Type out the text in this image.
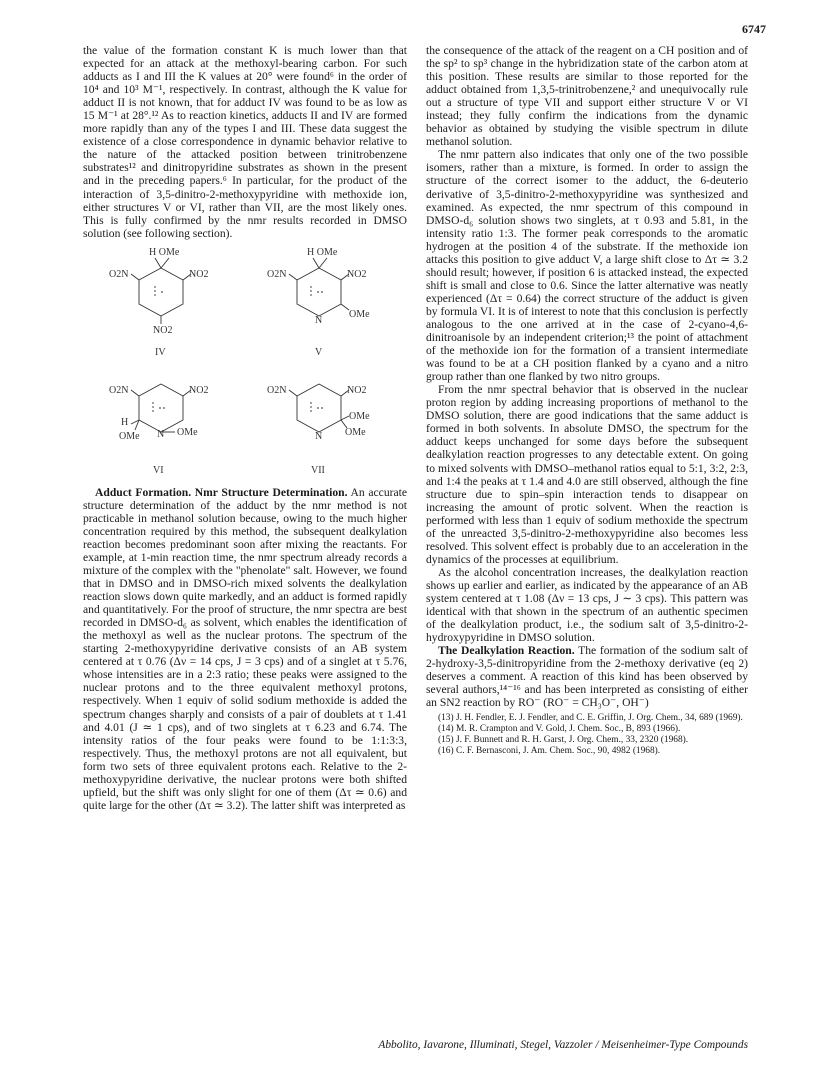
6747

the value of the formation constant K is much lower than that expected for an attack at the methoxyl-bearing carbon. For such adducts as I and III the K values at 20° were found⁶ in the order of 10⁴ and 10³ M⁻¹, respectively. In contrast, although the K value for adduct II is not known, that for adduct IV was found to be as low as 15 M⁻¹ at 28°.¹² As to reaction kinetics, adducts II and IV are formed more rapidly than any of the types I and III. These data suggest the existence of a close correspondence in dynamic behavior relative to the nature of the attacked position between trinitrobenzene substrates¹² and dinitropyridine substrates as shown in the present and in the preceding papers.⁶ In particular, for the product of the interaction of 3,5-dinitro-2-methoxypyridine with methoxide ion, either structures V or VI, rather than VII, are the most likely ones. This is fully confirmed by the nmr results recorded in DMSO solution (see following section).

H OMe
O2N	NO2
NO2
IV
H OMe
O2N	NO2
N
OMe
V
O2N	NO2
H
OMe	OMe
N
VI
O2N	NO2
OMe
OMe
N
VII

Adduct Formation. Nmr Structure Determination. An accurate structure determination of the adduct by the nmr method is not practicable in methanol solution because, owing to the much higher concentration required by this method, the subsequent dealkylation reaction becomes predominant soon after mixing the reactants. For example, at 1-min reaction time, the nmr spectrum already records a mixture of the complex with the "phenolate" salt. However, we found that in DMSO and in DMSO-rich mixed solvents the dealkylation reaction slows down quite markedly, and an adduct is formed rapidly and quantitatively. For the proof of structure, the nmr spectra are best recorded in DMSO-d₆ as solvent, which enables the identification of the methoxyl as well as the nuclear protons. The spectrum of the starting 2-methoxypyridine derivative consists of an AB system centered at τ 0.76 (Δν = 14 cps, J = 3 cps) and of a singlet at τ 5.76, whose intensities are in a 2:3 ratio; these peaks were assigned to the nuclear protons and to the three equivalent methoxyl protons, respectively. When 1 equiv of solid sodium methoxide is added the spectrum changes sharply and consists of a pair of doublets at τ 1.41 and 4.01 (J ≃ 1 cps), and of two singlets at τ 6.23 and 6.74. The intensity ratios of the four peaks were found to be 1:1:3:3, respectively. Thus, the methoxyl protons are not all equivalent, but form two sets of three equivalent protons each. Relative to the 2-methoxypyridine derivative, the nuclear protons were both shifted upfield, but the shift was only slight for one of them (Δτ ≃ 0.6) and quite large for the other (Δτ ≃ 3.2). The latter shift was interpreted as

the consequence of the attack of the reagent on a CH position and of the sp² to sp³ change in the hybridization state of the carbon atom at this position. These results are similar to those reported for the adduct obtained from 1,3,5-trinitrobenzene,² and unequivocally rule out a structure of type VII and support either structure V or VI instead; they fully confirm the indications from the dynamic behavior as obtained by studying the visible spectrum in dilute methanol solution.

The nmr pattern also indicates that only one of the two possible isomers, rather than a mixture, is formed. In order to assign the structure of the correct isomer to the adduct, the 6-deuterio derivative of 3,5-dinitro-2-methoxypyridine was synthesized and examined. As expected, the nmr spectrum of this compound in DMSO-d₆ solution shows two singlets, at τ 0.93 and 5.81, in the intensity ratio 1:3. The former peak corresponds to the aromatic hydrogen at the position 4 of the substrate. If the methoxide ion attacks this position to give adduct V, a large shift close to Δτ ≃ 3.2 should result; however, if position 6 is attacked instead, the expected shift is small and close to 0.6. Since the latter alternative was neatly experienced (Δτ = 0.64) the correct structure of the adduct is given by formula VI. It is of interest to note that this conclusion is perfectly analogous to the one arrived at in the case of 2-cyano-4,6-dinitroanisole by an independent criterion;¹³ the point of attachment of the methoxide ion for the formation of a transient intermediate was found to be at a CH position flanked by a cyano and a nitro group rather than one flanked by two nitro groups.

From the nmr spectral behavior that is observed in the nuclear proton region by adding increasing proportions of methanol to the DMSO solution, there are good indications that the same adduct is formed in both solvents. In absolute DMSO, the spectrum for the adduct keeps unchanged for some days before the subsequent dealkylation reaction progresses to any detectable extent. On going to mixed solvents with DMSO–methanol ratios equal to 5:1, 3:2, 2:3, and 1:4 the peaks at τ 1.4 and 4.0 are still observed, although the fine structure due to spin–spin interaction tends to disappear on increasing the amount of protic solvent. When the reaction is performed with less than 1 equiv of sodium methoxide the spectrum of the unreacted 3,5-dinitro-2-methoxypyridine also becomes less resolved. This solvent effect is probably due to an acceleration in the dynamics of the processes at equilibrium.

As the alcohol concentration increases, the dealkylation reaction shows up earlier and earlier, as indicated by the appearance of an AB system centered at τ 1.08 (Δν = 13 cps, J ∼ 3 cps). This pattern was identical with that shown in the spectrum of an authentic specimen of the dealkylation product, i.e., the sodium salt of 3,5-dinitro-2-hydroxypyridine in DMSO solution.

The Dealkylation Reaction. The formation of the sodium salt of 2-hydroxy-3,5-dinitropyridine from the 2-methoxy derivative (eq 2) deserves a comment. A reaction of this kind has been observed by several authors,¹⁴⁻¹⁶ and has been interpreted as consisting of either an SN2 reaction by RO⁻ (RO⁻ = CH₃O⁻, OH⁻)

(13) J. H. Fendler, E. J. Fendler, and C. E. Griffin, J. Org. Chem., 34, 689 (1969).
(14) M. R. Crampton and V. Gold, J. Chem. Soc., B, 893 (1966).
(15) J. F. Bunnett and R. H. Garst, J. Org. Chem., 33, 2320 (1968).
(16) C. F. Bernasconi, J. Am. Chem. Soc., 90, 4982 (1968).
Abbolito, Iavarone, Illuminati, Stegel, Vazzoler / Meisenheimer-Type Compounds
